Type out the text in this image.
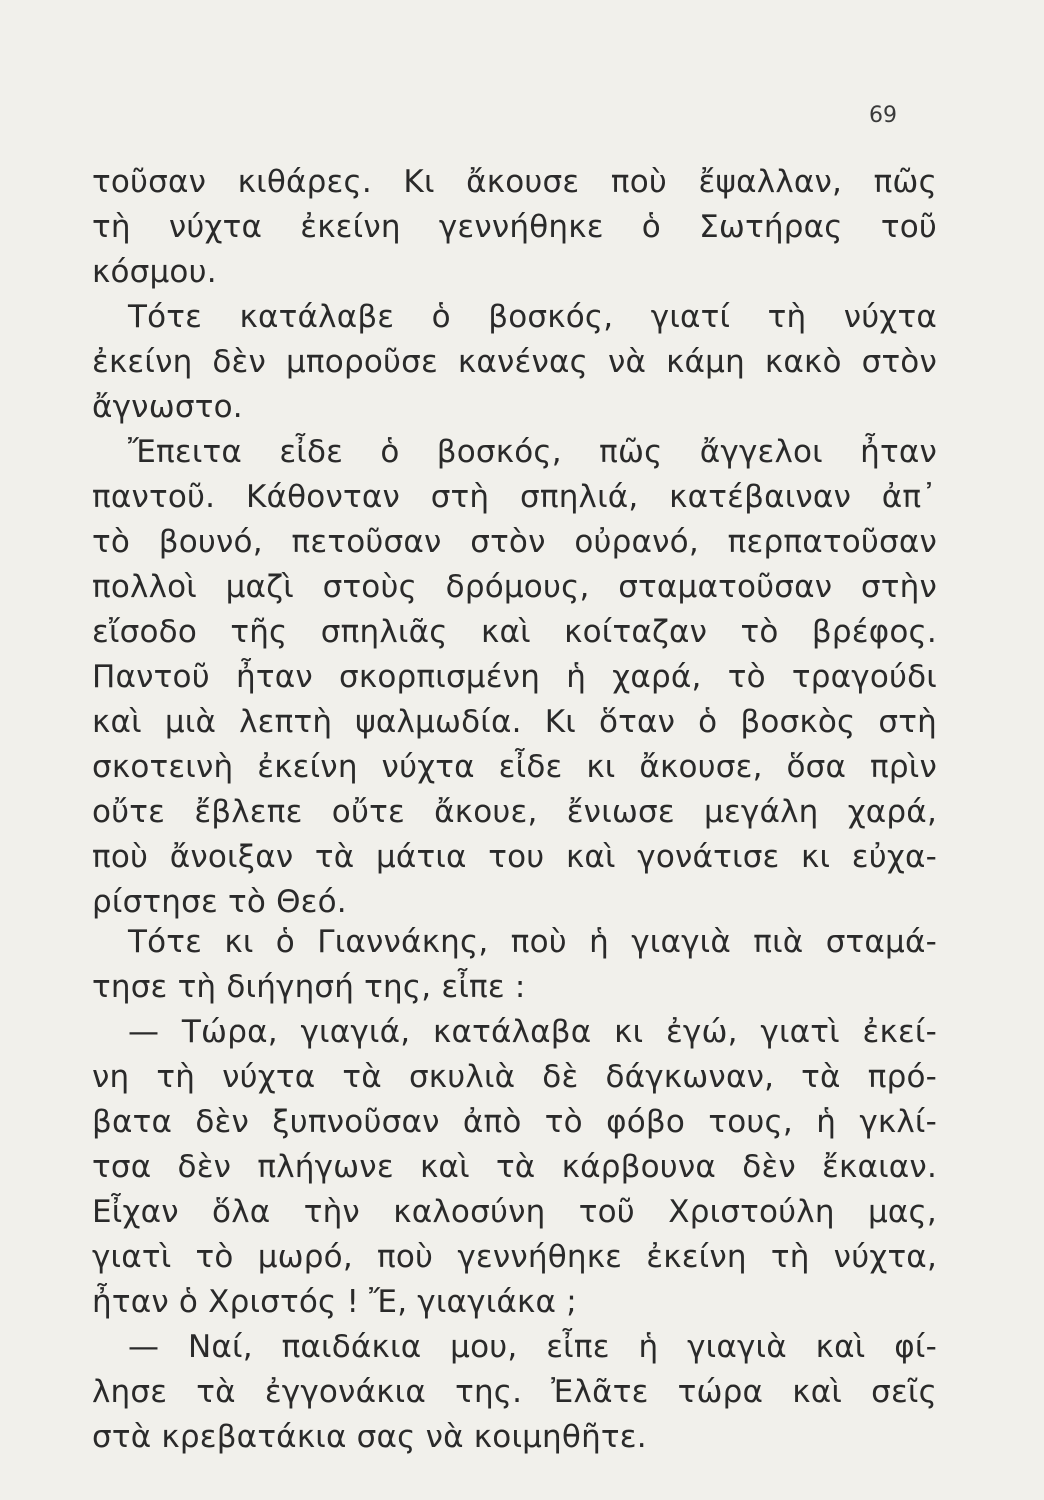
69
τοῦσαν κιθάρες. Κι ἄκουσε ποὺ ἔψαλλαν, πῶς
τὴ νύχτα ἐκείνη γεννήθηκε ὁ Σωτήρας τοῦ
κόσμου.
Τότε κατάλαβε ὁ βοσκός, γιατί τὴ νύχτα
ἐκείνη δὲν μποροῦσε κανένας νὰ κάμη κακὸ στὸν
ἄγνωστο.
Ἔπειτα εἶδε ὁ βοσκός, πῶς ἄγγελοι ἦταν
παντοῦ. Κάθονταν στὴ σπηλιά, κατέβαιναν ἀπ᾽
τὸ βουνό, πετοῦσαν στὸν οὐρανό, περπατοῦσαν
πολλοὶ μαζὶ στοὺς δρόμους, σταματοῦσαν στὴν
εἴσοδο τῆς σπηλιᾶς καὶ κοίταζαν τὸ βρέφος.
Παντοῦ ἦταν σκορπισμένη ἡ χαρά, τὸ τραγούδι
καὶ μιὰ λεπτὴ ψαλμωδία. Κι ὅταν ὁ βοσκὸς στὴ
σκοτεινὴ ἐκείνη νύχτα εἶδε κι ἄκουσε, ὅσα πρὶν
οὔτε ἔβλεπε οὔτε ἄκουε, ἔνιωσε μεγάλη χαρά,
ποὺ ἄνοιξαν τὰ μάτια του καὶ γονάτισε κι εὐχα-
ρίστησε τὸ Θεό.
Τότε κι ὁ Γιαννάκης, ποὺ ἡ γιαγιὰ πιὰ σταμά-
τησε τὴ διήγησή της, εἶπε :
— Τώρα, γιαγιά, κατάλαβα κι ἐγώ, γιατὶ ἐκεί-
νη τὴ νύχτα τὰ σκυλιὰ δὲ δάγκωναν, τὰ πρό-
βατα δὲν ξυπνοῦσαν ἀπὸ τὸ φόβο τους, ἡ γκλί-
τσα δὲν πλήγωνε καὶ τὰ κάρβουνα δὲν ἔκαιαν.
Εἶχαν ὅλα τὴν καλοσύνη τοῦ Χριστούλη μας,
γιατὶ τὸ μωρό, ποὺ γεννήθηκε ἐκείνη τὴ νύχτα,
ἦταν ὁ Χριστός ! Ἔ, γιαγιάκα ;
— Ναί, παιδάκια μου, εἶπε ἡ γιαγιὰ καὶ φί-
λησε τὰ ἐγγονάκια της. Ἐλᾶτε τώρα καὶ σεῖς
στὰ κρεβατάκια σας νὰ κοιμηθῆτε.
